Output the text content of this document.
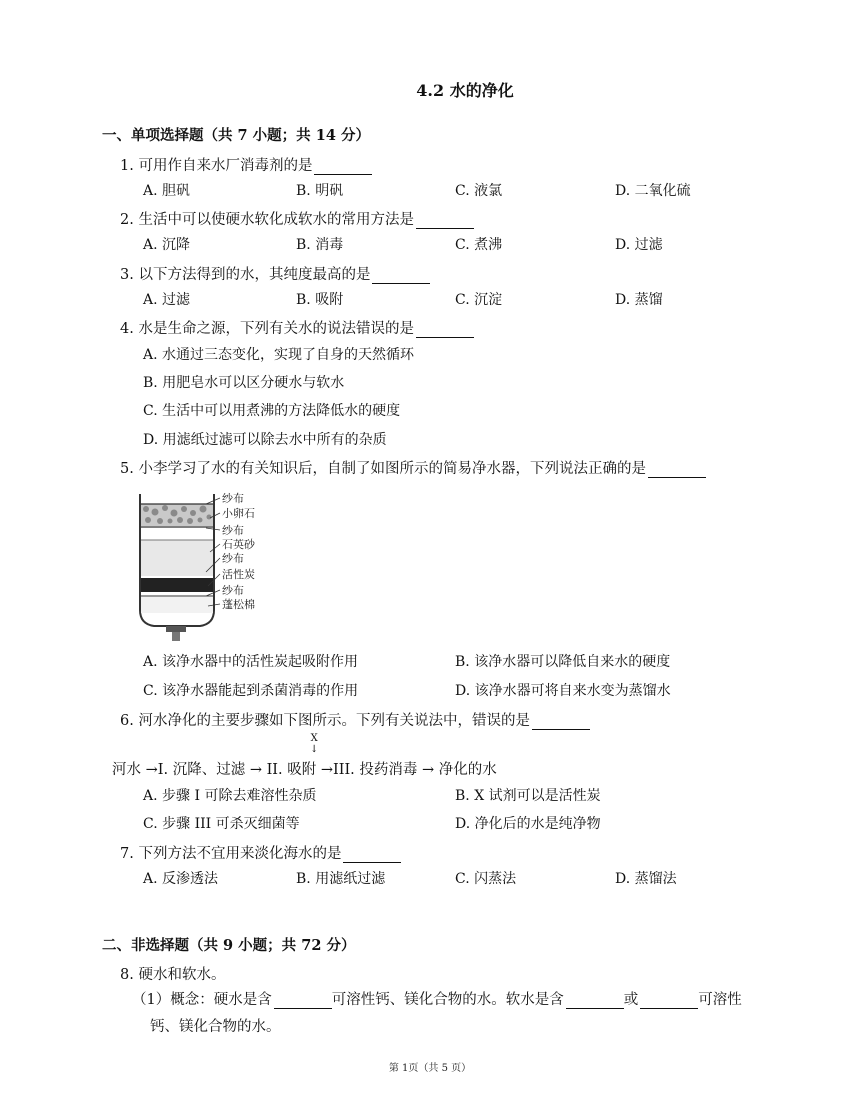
4.2 水的净化
一、单项选择题（共 7 小题；共 14 分）
1. 可用作自来水厂消毒剂的是
A. 胆矾	B. 明矾	C. 液氯	D. 二氧化硫
2. 生活中可以使硬水软化成软水的常用方法是
A. 沉降	B. 消毒	C. 煮沸	D. 过滤
3. 以下方法得到的水，其纯度最高的是
A. 过滤	B. 吸附	C. 沉淀	D. 蒸馏
4. 水是生命之源，下列有关水的说法错误的是
A. 水通过三态变化，实现了自身的天然循环
B. 用肥皂水可以区分硬水与软水
C. 生活中可以用煮沸的方法降低水的硬度
D. 用滤纸过滤可以除去水中所有的杂质
5. 小李学习了水的有关知识后，自制了如图所示的简易净水器，下列说法正确的是
纱布
小卵石
纱布
石英砂
纱布
活性炭
纱布
蓬松棉
A. 该净水器中的活性炭起吸附作用	B. 该净水器可以降低自来水的硬度
C. 该净水器能起到杀菌消毒的作用	D. 该净水器可将自来水变为蒸馏水
6. 河水净化的主要步骤如下图所示。下列有关说法中，错误的是
X
↓
河水 →I. 沉降、过滤 → II. 吸附 →III. 投药消毒 → 净化的水
A. 步骤 I 可除去难溶性杂质	B. X 试剂可以是活性炭
C. 步骤 III 可杀灭细菌等	D. 净化后的水是纯净物
7. 下列方法不宜用来淡化海水的是
A. 反渗透法	B. 用滤纸过滤	C. 闪蒸法	D. 蒸馏法
二、非选择题（共 9 小题；共 72 分）
8. 硬水和软水。
（1）概念：硬水是含	可溶性钙、镁化合物的水。软水是含	或	可溶性
钙、镁化合物的水。
第 1页（共 5 页）
